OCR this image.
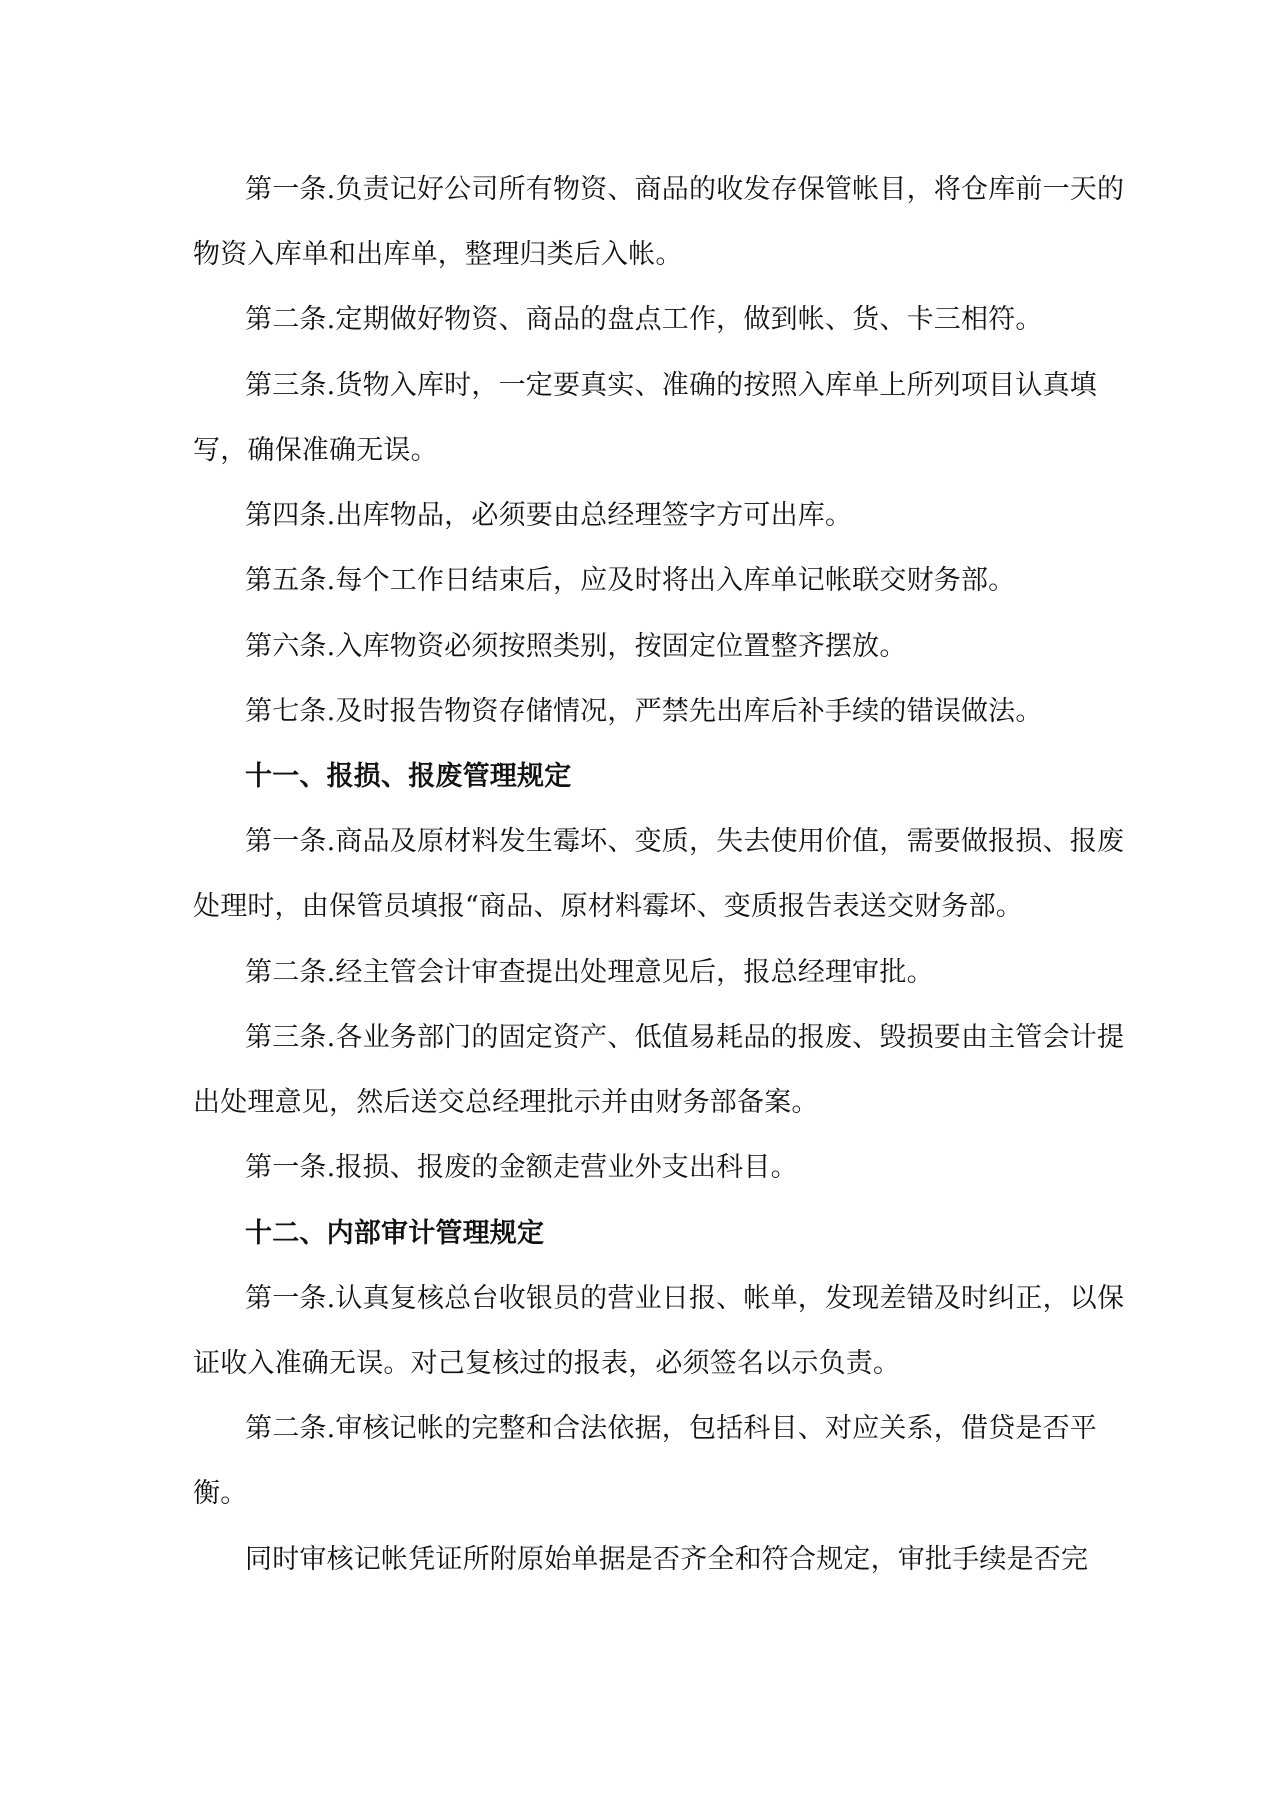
第一条.负责记好公司所有物资、商品的收发存保管帐目，将仓库前一天的

物资入库单和出库单，整理归类后入帐。

第二条.定期做好物资、商品的盘点工作，做到帐、货、卡三相符。

第三条.货物入库时，一定要真实、准确的按照入库单上所列项目认真填

写，确保准确无误。

第四条.出库物品，必须要由总经理签字方可出库。

第五条.每个工作日结束后，应及时将出入库单记帐联交财务部。

第六条.入库物资必须按照类别，按固定位置整齐摆放。

第七条.及时报告物资存储情况，严禁先出库后补手续的错误做法。

十一、报损、报废管理规定

第一条.商品及原材料发生霉坏、变质，失去使用价值，需要做报损、报废

处理时，由保管员填报“商品、原材料霉坏、变质报告表送交财务部。

第二条.经主管会计审查提出处理意见后，报总经理审批。

第三条.各业务部门的固定资产、低值易耗品的报废、毁损要由主管会计提

出处理意见，然后送交总经理批示并由财务部备案。

第一条.报损、报废的金额走营业外支出科目。

十二、内部审计管理规定

第一条.认真复核总台收银员的营业日报、帐单，发现差错及时纠正，以保

证收入准确无误。对己复核过的报表，必须签名以示负责。

第二条.审核记帐的完整和合法依据，包括科目、对应关系，借贷是否平

衡。

同时审核记帐凭证所附原始单据是否齐全和符合规定，审批手续是否完
